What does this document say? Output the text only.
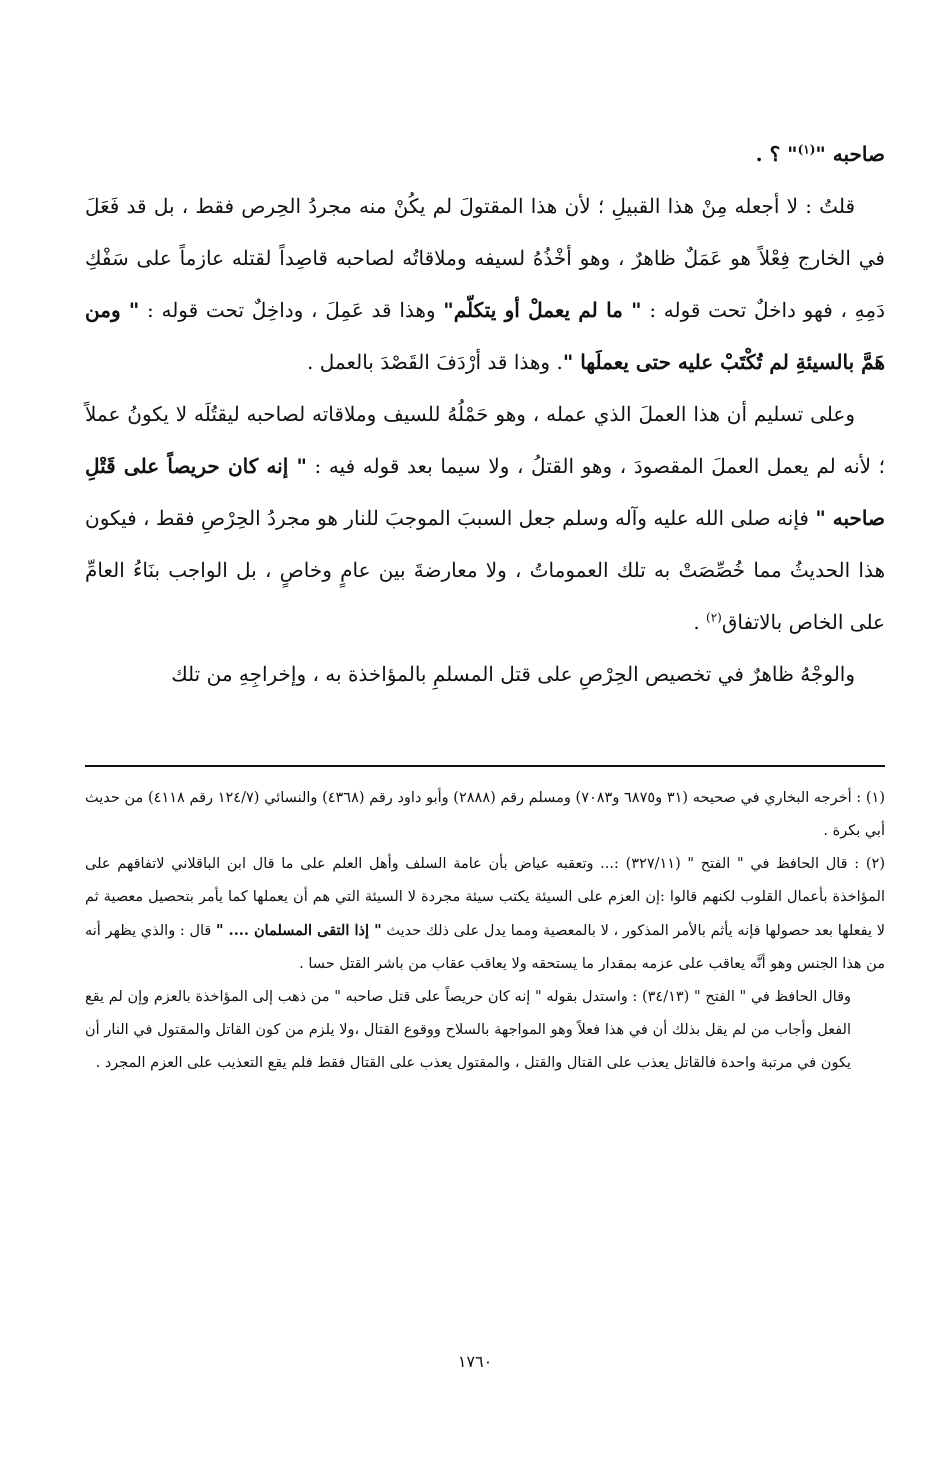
صاحبه "$^{(١)}$" ؟ .

قلتُ : لا أجعله مِنْ هذا القبيلِ ؛ لأن هذا المقتولَ لم يكُنْ منه مجردُ الحِرص فقط ، بل قد فَعَلَ في الخارج فِعْلاً هو عَمَلٌ ظاهرٌ ، وهو أخْذُهُ لسيفه وملاقاتُه لصاحبه قاصِداً لقتله عازماً على سَفْكِ دَمِهِ ، فهو داخلٌ تحت قوله : " ما لم يعملْ أو يتكلّم" وهذا قد عَمِلَ ، وداخِلٌ تحت قوله : " ومن هَمَّ بالسيئةِ لم تُكْتَبْ عليه حتى يعملَها ". وهذا قد أرْدَفَ القَصْدَ بالعمل .

وعلى تسليم أن هذا العملَ الذي عمله ، وهو حَمْلُهُ للسيف وملاقاته لصاحبه ليقتُلَه لا يكونُ عملاً ؛ لأنه لم يعمل العملَ المقصودَ ، وهو القتلُ ، ولا سيما بعد قوله فيه : " إنه كان حريصاً على قَتْلِ صاحبه " فإنه صلى الله عليه وآله وسلم جعل السببَ الموجبَ للنار هو مجردُ الحِرْصِ فقط ، فيكون هذا الحديثُ مما خُصِّصَتْ به تلك العموماتُ ، ولا معارضةَ بين عامٍ وخاصٍ ، بل الواجب بنَاءُ العامِّ على الخاص بالاتفاق$^{(٢)}$ .

والوجْهُ ظاهرٌ في تخصيص الحِرْصِ على قتل المسلمِ بالمؤاخذة به ، وإخراجِهِ من تلك

(١) : أخرجه البخاري في صحيحه (٣١ و٦٨٧٥ و٧٠٨٣) ومسلم رقم (٢٨٨٨) وأبو داود رقم (٤٣٦٨) والنسائي (١٢٤/٧ رقم ٤١١٨) من حديث أبي بكرة .

(٢) : قال الحافظ في " الفتح " (٣٢٧/١١) :... وتعقبه عياض بأن عامة السلف وأهل العلم على ما قال ابن الباقلاني لاتفاقهم على المؤاخذة بأعمال القلوب لكنهم قالوا :إن العزم على السيئة يكتب سيئة مجردة لا السيئة التي هم أن يعملها كما يأمر بتحصيل معصية ثم لا يفعلها بعد حصولها فإنه يأثم بالأمر المذكور ، لا بالمعصية ومما يدل على ذلك حديث " إذا التقى المسلمان .... " قال : والذي يظهر أنه من هذا الجنس وهو أنَّه يعاقب على عزمه بمقدار ما يستحقه ولا يعاقب عقاب من باشر القتل حسا .

وقال الحافظ في " الفتح " (٣٤/١٣) : واستدل بقوله " إنه كان حريصاً على قتل صاحبه " من ذهب إلى المؤاخذة بالعزم وإن لم يقع الفعل وأجاب من لم يقل بذلك أن في هذا فعلاً وهو المواجهة بالسلاح ووقوع القتال ،ولا يلزم من كون القاتل والمقتول في النار أن يكون في مرتبة واحدة فالقاتل يعذب على القتال والقتل ، والمقتول يعذب على القتال فقط فلم يقع التعذيب على العزم المجرد .

١٧٦٠
